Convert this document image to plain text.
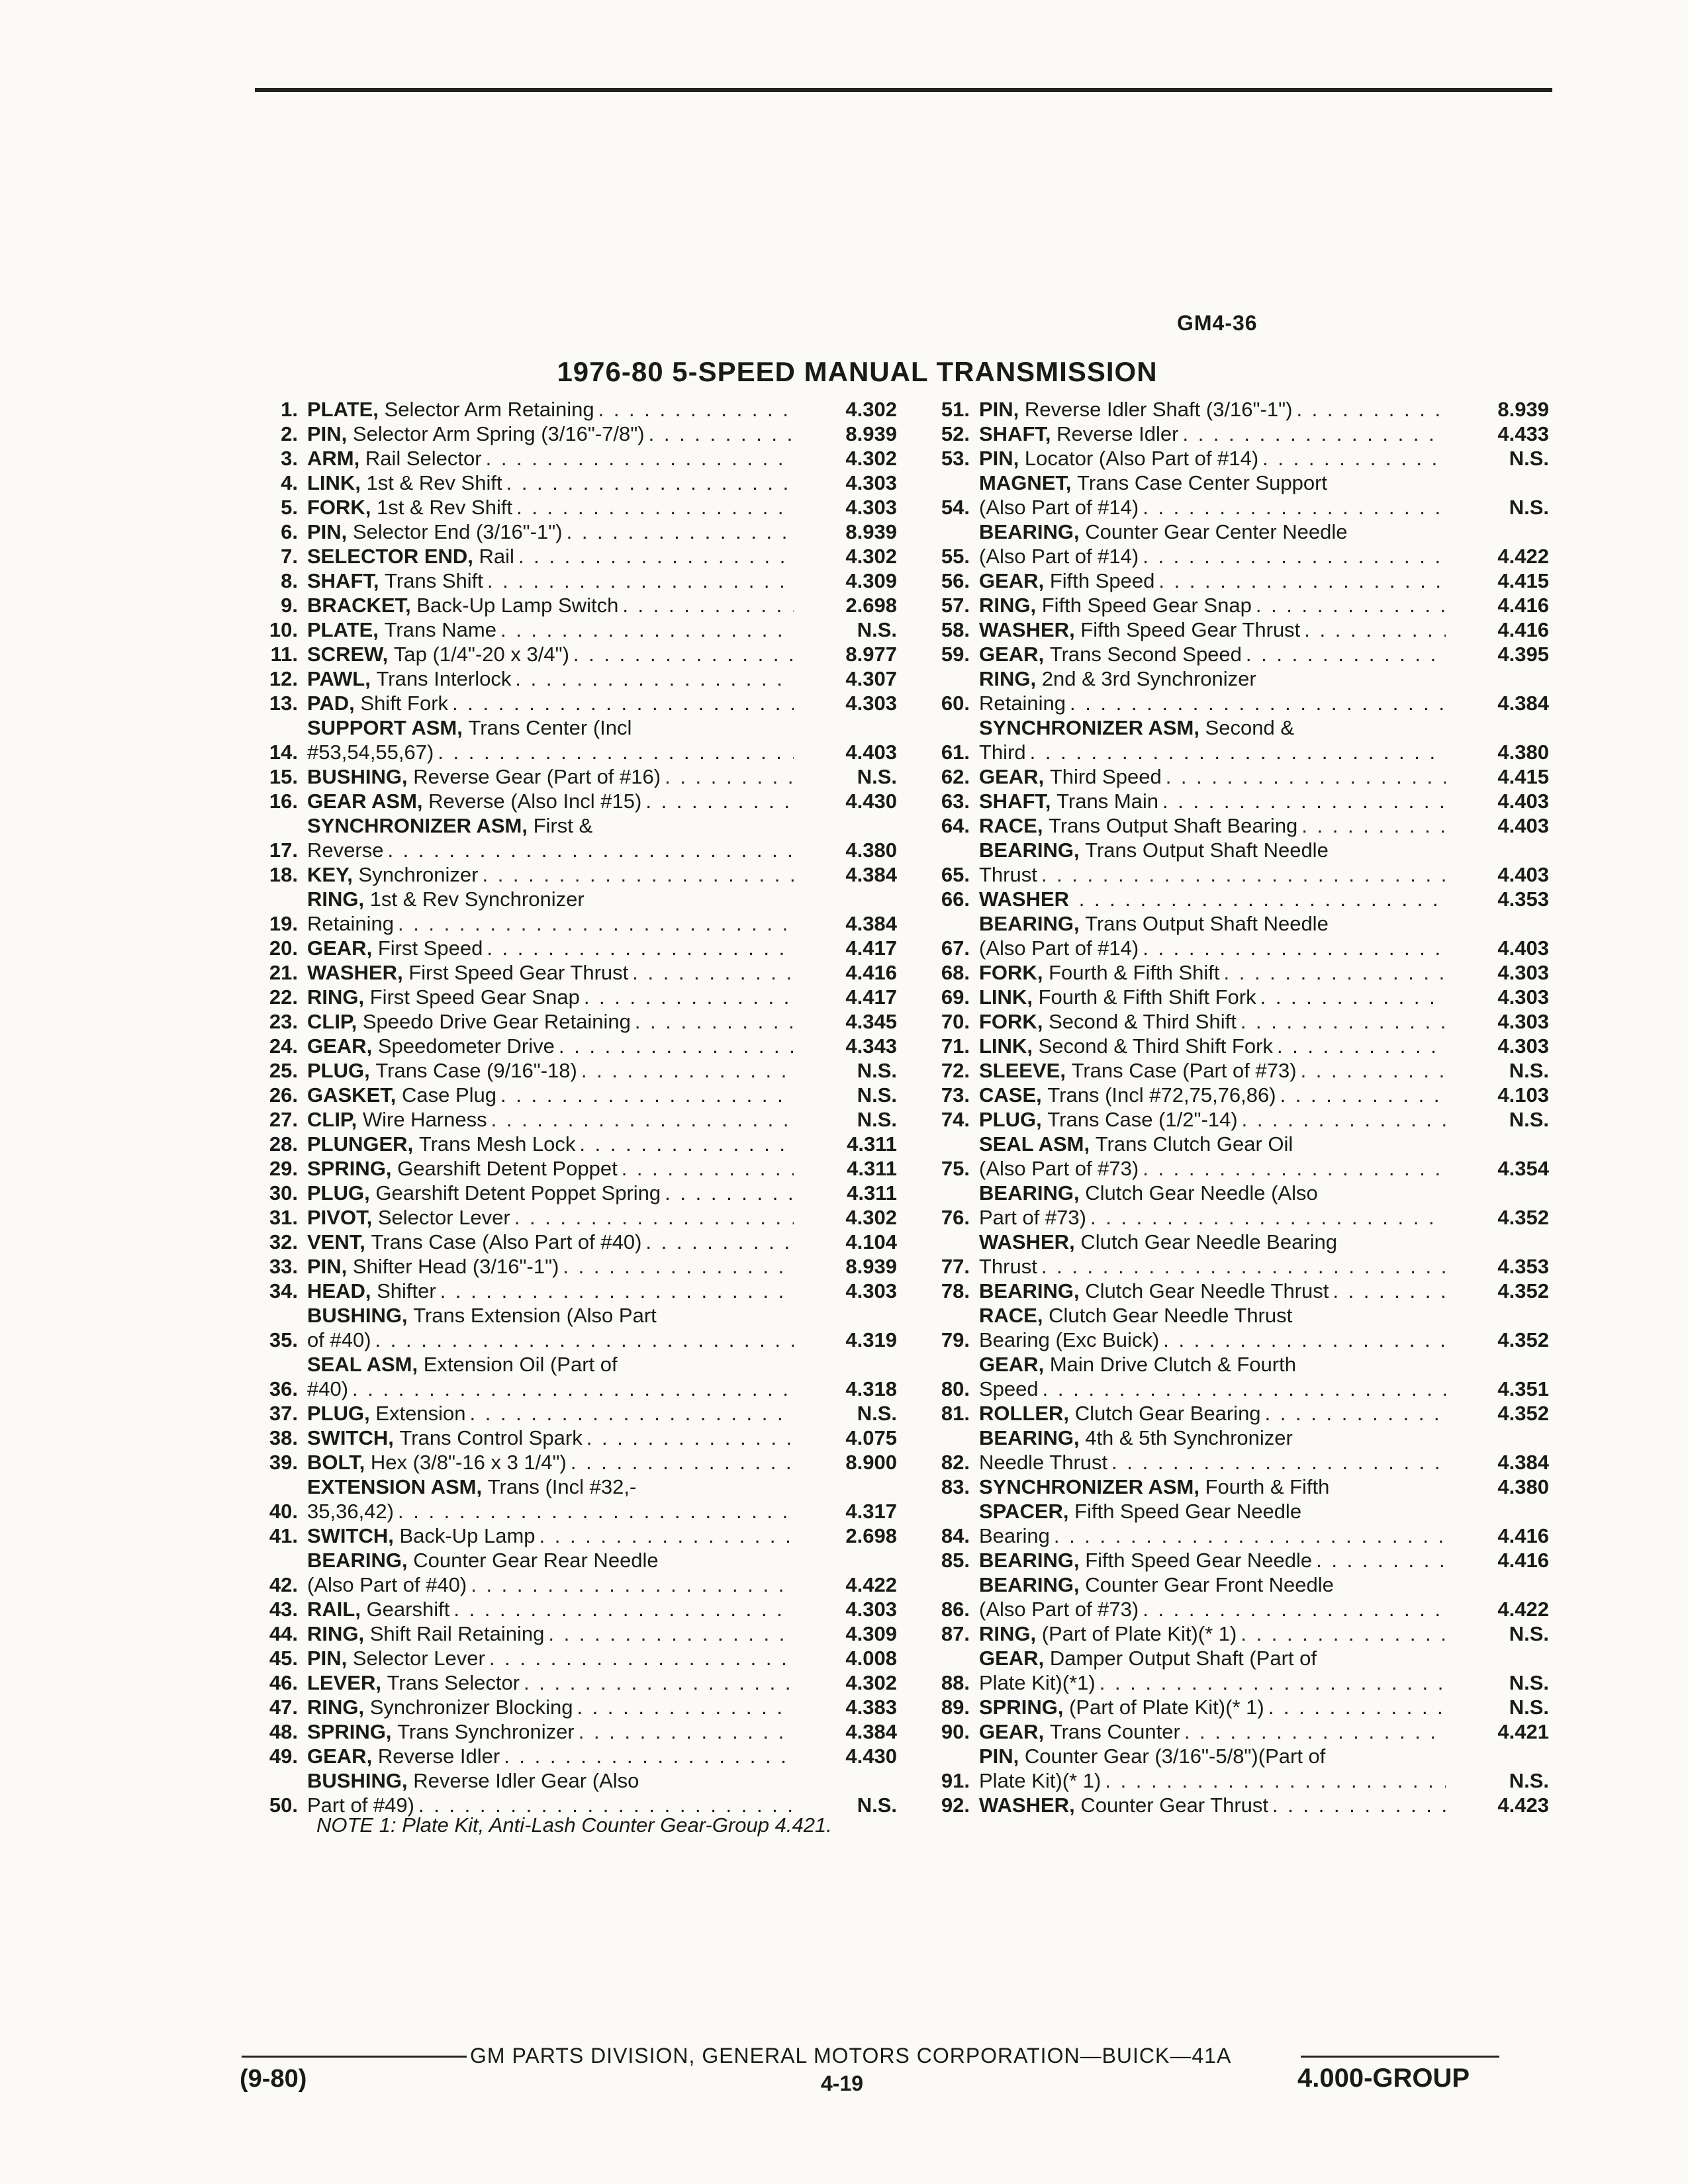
GM4-36
1976-80 5-SPEED MANUAL TRANSMISSION
1. PLATE,
Selector Arm Retaining . . .	4.302
2. PIN,
Selector Arm Spring (3/16"-7/8") . . .	8.939
3. ARM,
Rail Selector . . .	4.302
4. LINK,
1st & Rev Shift . . .	4.303
5. FORK,
1st & Rev Shift . . .	4.303
6. PIN,
Selector End (3/16"-1") . . .	8.939
7. SELECTOR END,
Rail . . .	4.302
8. SHAFT,
Trans Shift . . .	4.309
9. BRACKET,
Back-Up Lamp Switch . . .	2.698
10. PLATE,
Trans Name . . .	N.S.
11. SCREW,
Tap (1/4"-20 x 3/4") . . .	8.977
12. PAWL,
Trans Interlock . . .	4.307
13. PAD,
Shift Fork . . .	4.303
14.
SUPPORT ASM,
Trans Center (Incl
#53,54,55,67) . . .	4.403
15. BUSHING,
Reverse Gear (Part of #16) . . .	N.S.
16. GEAR ASM,
Reverse (Also Incl #15) . . .	4.430
17.
SYNCHRONIZER ASM,
First &
Reverse . . .	4.380
18. KEY,
Synchronizer . . .	4.384
19.
RING,
1st & Rev Synchronizer
Retaining . . .	4.384
20. GEAR,
First Speed . . .	4.417
21. WASHER,
First Speed Gear Thrust . . .	4.416
22. RING,
First Speed Gear Snap . . .	4.417
23. CLIP,
Speedo Drive Gear Retaining . . .	4.345
24. GEAR,
Speedometer Drive . . .	4.343
25. PLUG,
Trans Case (9/16"-18) . . .	N.S.
26. GASKET,
Case Plug . . .	N.S.
27. CLIP,
Wire Harness . . .	N.S.
28. PLUNGER,
Trans Mesh Lock . . .	4.311
29. SPRING,
Gearshift Detent Poppet . . .	4.311
30. PLUG,
Gearshift Detent Poppet Spring . . .	4.311
31. PIVOT,
Selector Lever . . .	4.302
32. VENT,
Trans Case (Also Part of #40) . . .	4.104
33. PIN,
Shifter Head (3/16"-1") . . .	8.939
34. HEAD,
Shifter . . .	4.303
35.
BUSHING,
Trans Extension (Also Part
of #40) . . .	4.319
36.
SEAL ASM,
Extension Oil (Part of
#40) . . .	4.318
37. PLUG,
Extension . . .	N.S.
38. SWITCH,
Trans Control Spark . . .	4.075
39. BOLT,
Hex (3/8"-16 x 3 1/4") . . .	8.900
40.
EXTENSION ASM,
Trans (Incl #32,-
35,36,42) . . .	4.317
41. SWITCH,
Back-Up Lamp . . .	2.698
42.
BEARING,
Counter Gear Rear Needle
(Also Part of #40) . . .	4.422
43. RAIL,
Gearshift . . .	4.303
44. RING,
Shift Rail Retaining . . .	4.309
45. PIN,
Selector Lever . . .	4.008
46. LEVER,
Trans Selector . . .	4.302
47. RING,
Synchronizer Blocking . . .	4.383
48. SPRING,
Trans Synchronizer . . .	4.384
49. GEAR,
Reverse Idler . . .	4.430
50.
BUSHING,
Reverse Idler Gear (Also
Part of #49) . . .	N.S.
51. PIN,
Reverse Idler Shaft (3/16"-1") . . .	8.939
52. SHAFT,
Reverse Idler . . .	4.433
53. PIN,
Locator (Also Part of #14) . . .	N.S.
54.
MAGNET,
Trans Case Center Support
(Also Part of #14) . . .	N.S.
55.
BEARING,
Counter Gear Center Needle
(Also Part of #14) . . .	4.422
56. GEAR,
Fifth Speed . . .	4.415
57. RING,
Fifth Speed Gear Snap . . .	4.416
58. WASHER,
Fifth Speed Gear Thrust . . .	4.416
59. GEAR,
Trans Second Speed . . .	4.395
60.
RING,
2nd & 3rd Synchronizer
Retaining . . .	4.384
61.
SYNCHRONIZER ASM,
Second &
Third . . .	4.380
62. GEAR,
Third Speed . . .	4.415
63. SHAFT,
Trans Main . . .	4.403
64. RACE,
Trans Output Shaft Bearing . . .	4.403
65.
BEARING,
Trans Output Shaft Needle
Thrust . . .	4.403
66. WASHER
. . .	4.353
67.
BEARING,
Trans Output Shaft Needle
(Also Part of #14) . . .	4.403
68. FORK,
Fourth & Fifth Shift . . .	4.303
69. LINK,
Fourth & Fifth Shift Fork . . .	4.303
70. FORK,
Second & Third Shift . . .	4.303
71. LINK,
Second & Third Shift Fork . . .	4.303
72. SLEEVE,
Trans Case (Part of #73) . . .	N.S.
73. CASE,
Trans (Incl #72,75,76,86) . . .	4.103
74. PLUG,
Trans Case (1/2"-14) . . .	N.S.
75.
SEAL ASM,
Trans Clutch Gear Oil
(Also Part of #73) . . .	4.354
76.
BEARING,
Clutch Gear Needle (Also
Part of #73) . . .	4.352
77.
WASHER,
Clutch Gear Needle Bearing
Thrust . . .	4.353
78. BEARING,
Clutch Gear Needle Thrust . . .	4.352
79.
RACE,
Clutch Gear Needle Thrust
Bearing (Exc Buick) . . .	4.352
80.
GEAR,
Main Drive Clutch & Fourth
Speed . . .	4.351
81. ROLLER,
Clutch Gear Bearing . . .	4.352
82.
BEARING,
4th & 5th Synchronizer
Needle Thrust . . .	4.384
83. SYNCHRONIZER ASM,
Fourth & Fifth	4.380
84.
SPACER,
Fifth Speed Gear Needle
Bearing . . .	4.416
85. BEARING,
Fifth Speed Gear Needle . . .	4.416
86.
BEARING,
Counter Gear Front Needle
(Also Part of #73) . . .	4.422
87. RING,
(Part of Plate Kit)(* 1) . . .	N.S.
88.
GEAR,
Damper Output Shaft (Part of
Plate Kit)(*1) . . .	N.S.
89. SPRING,
(Part of Plate Kit)(* 1) . . .	N.S.
90. GEAR,
Trans Counter . . .	4.421
91.
PIN,
Counter Gear (3/16"-5/8")(Part of
Plate Kit)(* 1) . . .	N.S.
92. WASHER,
Counter Gear Thrust . . .	4.423
NOTE 1: Plate Kit, Anti-Lash Counter Gear-Group 4.421.
GM PARTS DIVISION, GENERAL MOTORS CORPORATION—BUICK—41A
(9-80)	4-19	4.000-GROUP
